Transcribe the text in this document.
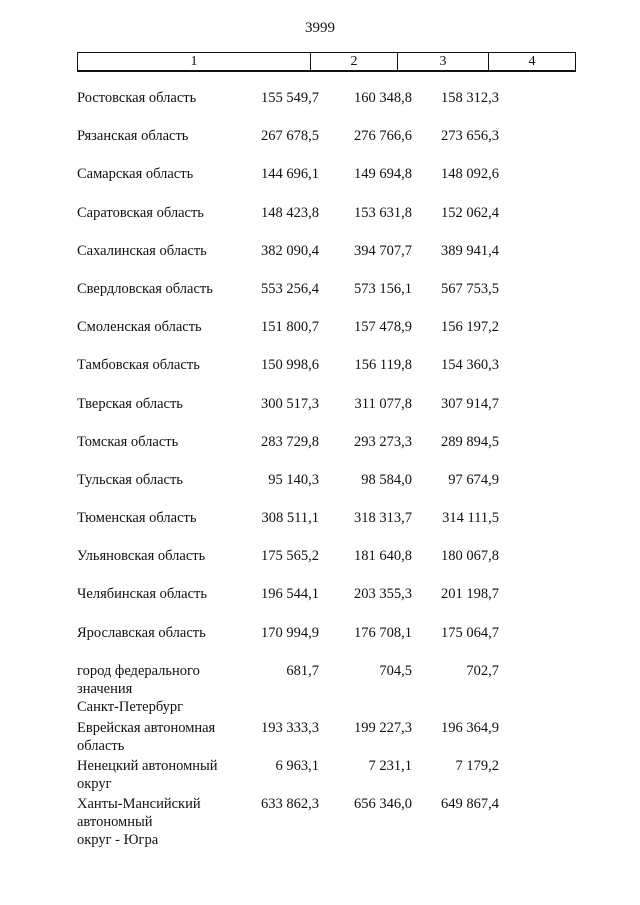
3999
1	2	3	4
Ростовская область	155 549,7	160 348,8	158 312,3
Рязанская область	267 678,5	276 766,6	273 656,3
Самарская область	144 696,1	149 694,8	148 092,6
Саратовская область	148 423,8	153 631,8	152 062,4
Сахалинская область	382 090,4	394 707,7	389 941,4
Свердловская область	553 256,4	573 156,1	567 753,5
Смоленская область	151 800,7	157 478,9	156 197,2
Тамбовская область	150 998,6	156 119,8	154 360,3
Тверская область	300 517,3	311 077,8	307 914,7
Томская область	283 729,8	293 273,3	289 894,5
Тульская область	95 140,3	98 584,0	97 674,9
Тюменская область	308 511,1	318 313,7	314 111,5
Ульяновская область	175 565,2	181 640,8	180 067,8
Челябинская область	196 544,1	203 355,3	201 198,7
Ярославская область	170 994,9	176 708,1	175 064,7
город федерального значения
Санкт-Петербург
681,7	704,5	702,7
Еврейская автономная область
193 333,3	199 227,3	196 364,9
Ненецкий автономный округ
6 963,1	7 231,1	7 179,2
Ханты-Мансийский автономный
округ - Югра
633 862,3	656 346,0	649 867,4
